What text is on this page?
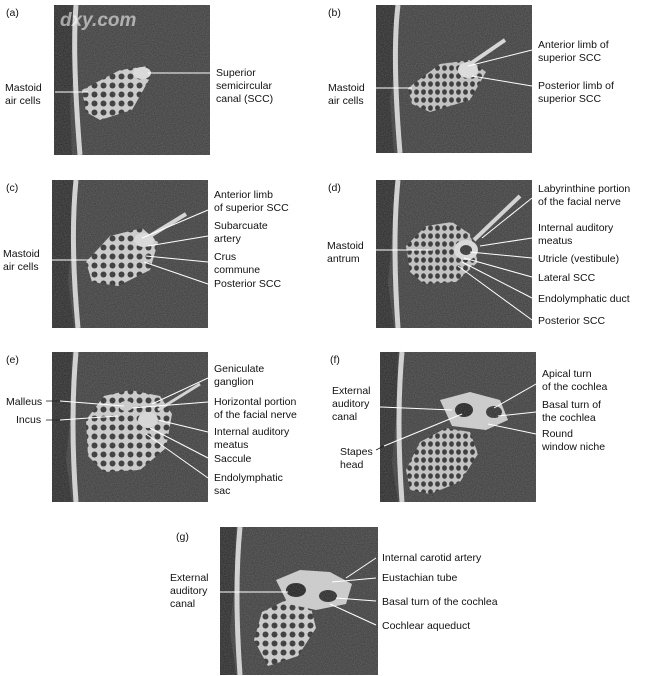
(a) dxy.com
Mastoid air cells
Superior semicircular canal (SCC)
(b)
Mastoid air cells
Anterior limb of superior SCC
Posterior limb of superior SCC
(c)
Mastoid air cells
Anterior limb of superior SCC
Subarcuate artery
Crus commune
Posterior SCC
(d)
Mastoid antrum
Labyrinthine portion of the facial nerve
Internal auditory meatus
Utricle (vestibule)
Lateral SCC
Endolymphatic duct
Posterior SCC
(e)
Malleus
Incus
Geniculate ganglion
Horizontal portion of the facial nerve
Internal auditory meatus
Saccule
Endolymphatic sac
(f)
External auditory canal
Stapes head
Apical turn of the cochlea
Basal turn of the cochlea
Round window niche
(g)
External auditory canal
Internal carotid artery
Eustachian tube
Basal turn of the cochlea
Cochlear aqueduct
